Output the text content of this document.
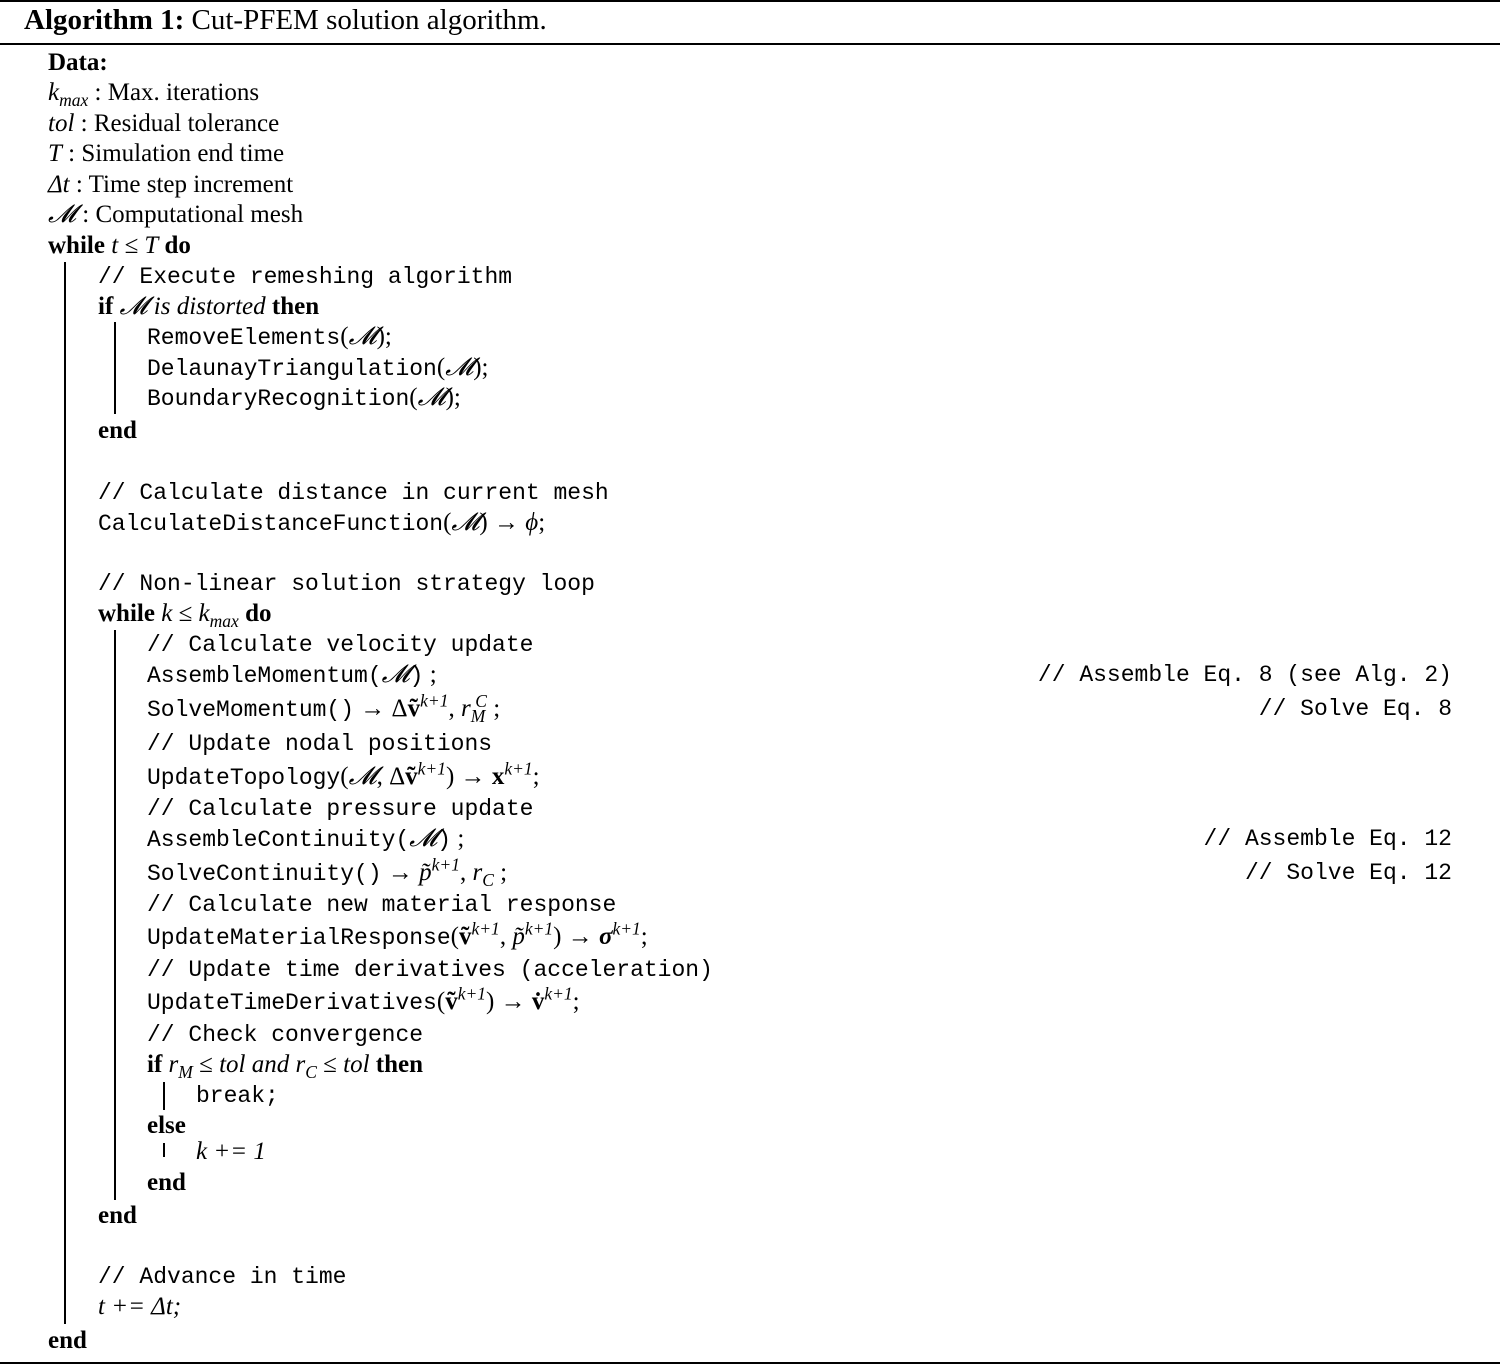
Algorithm 1: Cut-PFEM solution algorithm.
Data:
$k_{max}$ : Max. iterations
tol : Residual tolerance
T : Simulation end time
Δt : Time step increment
𝓜 : Computational mesh
while t ≤ T do
// Execute remeshing algorithm
if 𝓜 is distorted then
RemoveElements(𝓜);
DelaunayTriangulation(𝓜);
BoundaryRecognition(𝓜);
end
// Calculate distance in current mesh
CalculateDistanceFunction(𝓜) → ϕ;
// Non-linear solution strategy loop
while $k \le k_{max}$ do
// Calculate velocity update
AssembleMomentum(𝓜) ;	// Assemble Eq. 8 (see Alg. 2)
SolveMomentum() → Δṽ$^{k+1}$, $r_M^C$ ;	// Solve Eq. 8
// Update nodal positions
UpdateTopology(𝓜, Δṽ$^{k+1}$) → $x^{k+1}$;
// Calculate pressure update
AssembleContinuity(𝓜) ;	// Assemble Eq. 12
SolveContinuity() → p̃$^{k+1}$, $r_C$ ;	// Solve Eq. 12
// Calculate new material response
UpdateMaterialResponse(ṽ$^{k+1}$, p̃$^{k+1}$) → $\sigma^{k+1}$;
// Update time derivatives (acceleration)
UpdateTimeDerivatives(ṽ$^{k+1}$) → v̇$^{k+1}$;
// Check convergence
if $r_M$ ≤ tol and $r_C$ ≤ tol then
break;
else
k += 1
end
end
// Advance in time
t += Δt;
end
